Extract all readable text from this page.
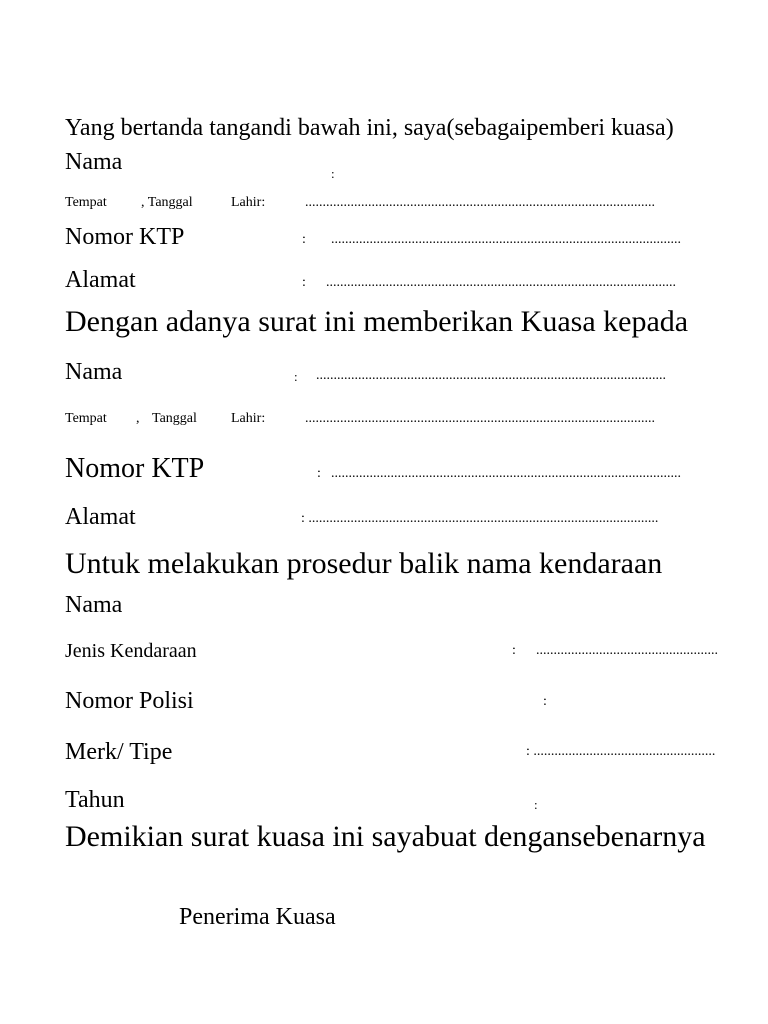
Yang bertanda tangandi bawah ini, saya(sebagaipemberi kuasa)
Nama	:
Tempat , Tanggal	Lahir:	....................................................................................................
Nomor KTP	: ....................................................................................................
Alamat	: ....................................................................................................
Dengan adanya surat ini memberikan Kuasa kepada
Nama	: ....................................................................................................
Tempat , Tanggal Lahir:	....................................................................................................
Nomor KTP	: ....................................................................................................
Alamat	: ....................................................................................................
Untuk melakukan prosedur balik nama kendaraan
Nama
Jenis Kendaraan	: ....................................................
Nomor Polisi	:
Merk/ Tipe	: ....................................................
Tahun	:
Demikian surat kuasa ini sayabuat dengansebenarnya
Penerima Kuasa
